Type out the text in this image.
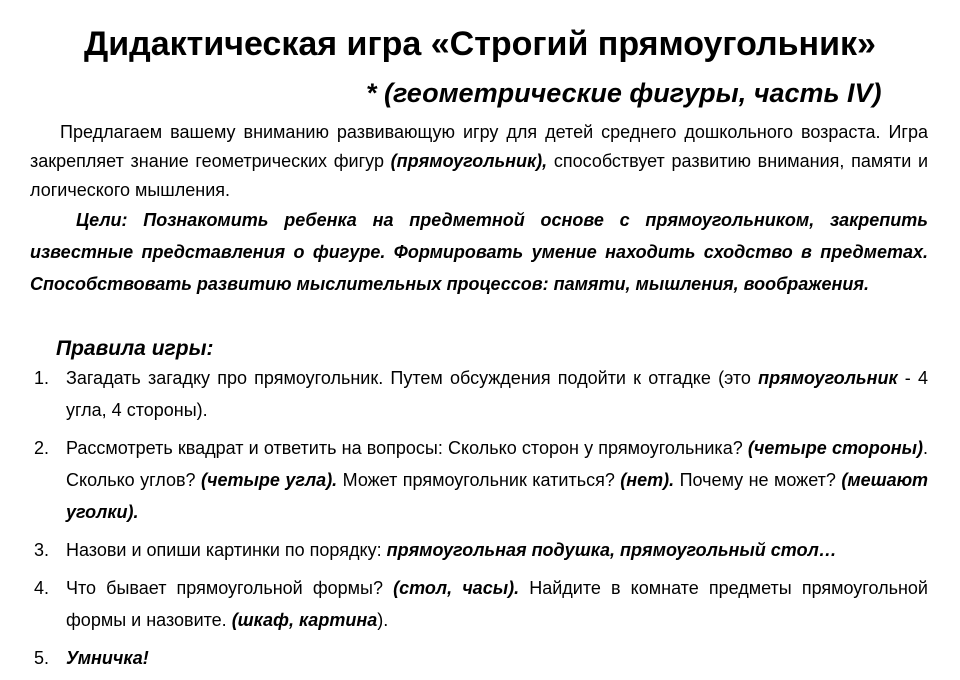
Дидактическая игра «Строгий прямоугольник»
* (геометрические фигуры, часть IV)

Предлагаем вашему вниманию развивающую игру для детей среднего дошкольного возраста. Игра закрепляет знание геометрических фигур (прямоугольник), способствует развитию внимания, памяти и логического мышления.

Цели: Познакомить ребенка на предметной основе с прямоугольником, закрепить известные представления о фигуре. Формировать умение находить сходство в предметах. Способствовать развитию мыслительных процессов: памяти, мышления, воображения.

Правила игры:
1. Загадать загадку про прямоугольник. Путем обсуждения подойти к отгадке (это прямоугольник - 4 угла, 4 стороны).
2. Рассмотреть квадрат и ответить на вопросы: Сколько сторон у прямоугольника? (четыре стороны). Сколько углов? (четыре угла). Может прямоугольник катиться? (нет). Почему не может? (мешают уголки).
3. Назови и опиши картинки по порядку: прямоугольная подушка, прямоугольный стол…
4. Что бывает прямоугольной формы? (стол, часы). Найдите в комнате предметы прямоугольной формы и назовите. (шкаф, картина).
5. Умничка!
